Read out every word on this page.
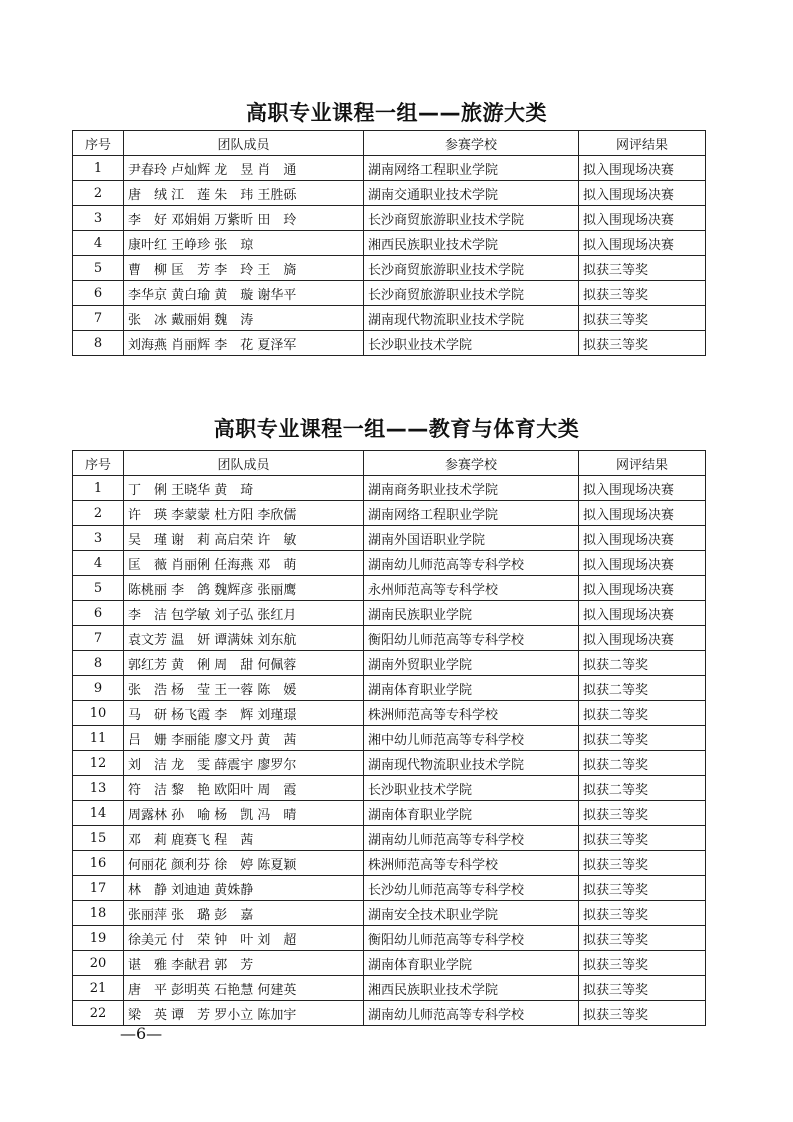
高职专业课程一组——旅游大类
序号	团队成员	参赛学校	网评结果
1	尹春玲 卢灿辉 龙　昱 肖　通	湖南网络工程职业学院	拟入围现场决赛
2	唐　绒 江　莲 朱　玮 王胜砾	湖南交通职业技术学院	拟入围现场决赛
3	李　好 邓娟娟 万紫昕 田　玲	长沙商贸旅游职业技术学院	拟入围现场决赛
4	康叶红 王峥珍 张　琼	湘西民族职业技术学院	拟入围现场决赛
5	曹　柳 匡　芳 李　玲 王　旖	长沙商贸旅游职业技术学院	拟获三等奖
6	李华京 黄白瑜 黄　璇 谢华平	长沙商贸旅游职业技术学院	拟获三等奖
7	张　冰 戴丽娟 魏　涛	湖南现代物流职业技术学院	拟获三等奖
8	刘海燕 肖丽辉 李　花 夏泽军	长沙职业技术学院	拟获三等奖
高职专业课程一组——教育与体育大类
序号	团队成员	参赛学校	网评结果
1	丁　俐 王晓华 黄　琦	湖南商务职业技术学院	拟入围现场决赛
2	许　瑛 李蒙蒙 杜方阳 李欣儒	湖南网络工程职业学院	拟入围现场决赛
3	吴　瑾 谢　莉 高启荣 许　敏	湖南外国语职业学院	拟入围现场决赛
4	匡　薇 肖丽俐 任海燕 邓　萌	湖南幼儿师范高等专科学校	拟入围现场决赛
5	陈桃丽 李　鸽 魏辉彦 张丽鹰	永州师范高等专科学校	拟入围现场决赛
6	李　洁 包学敏 刘子弘 张红月	湖南民族职业学院	拟入围现场决赛
7	袁文芳 温　妍 谭满妹 刘东航	衡阳幼儿师范高等专科学校	拟入围现场决赛
8	郭红芳 黄　俐 周　甜 何佩蓉	湖南外贸职业学院	拟获二等奖
9	张　浩 杨　莹 王一蓉 陈　媛	湖南体育职业学院	拟获二等奖
10	马　研 杨飞霞 李　辉 刘瑾璟	株洲师范高等专科学校	拟获二等奖
11	吕　姗 李丽能 廖文丹 黄　茜	湘中幼儿师范高等专科学校	拟获二等奖
12	刘　洁 龙　雯 薛震宇 廖罗尔	湖南现代物流职业技术学院	拟获二等奖
13	符　洁 黎　艳 欧阳叶 周　霞	长沙职业技术学院	拟获二等奖
14	周露林 孙　喻 杨　凯 冯　晴	湖南体育职业学院	拟获三等奖
15	邓　莉 鹿赛飞 程　茜	湖南幼儿师范高等专科学校	拟获三等奖
16	何丽花 颜利芬 徐　婷 陈夏颖	株洲师范高等专科学校	拟获三等奖
17	林　静 刘迪迪 黄姝静	长沙幼儿师范高等专科学校	拟获三等奖
18	张丽萍 张　璐 彭　嘉	湖南安全技术职业学院	拟获三等奖
19	徐美元 付　荣 钟　叶 刘　超	衡阳幼儿师范高等专科学校	拟获三等奖
20	谌　雅 李献君 郭　芳	湖南体育职业学院	拟获三等奖
21	唐　平 彭明英 石艳慧 何建英	湘西民族职业技术学院	拟获三等奖
22	梁　英 谭　芳 罗小立 陈加宇	湖南幼儿师范高等专科学校	拟获三等奖
—6—
